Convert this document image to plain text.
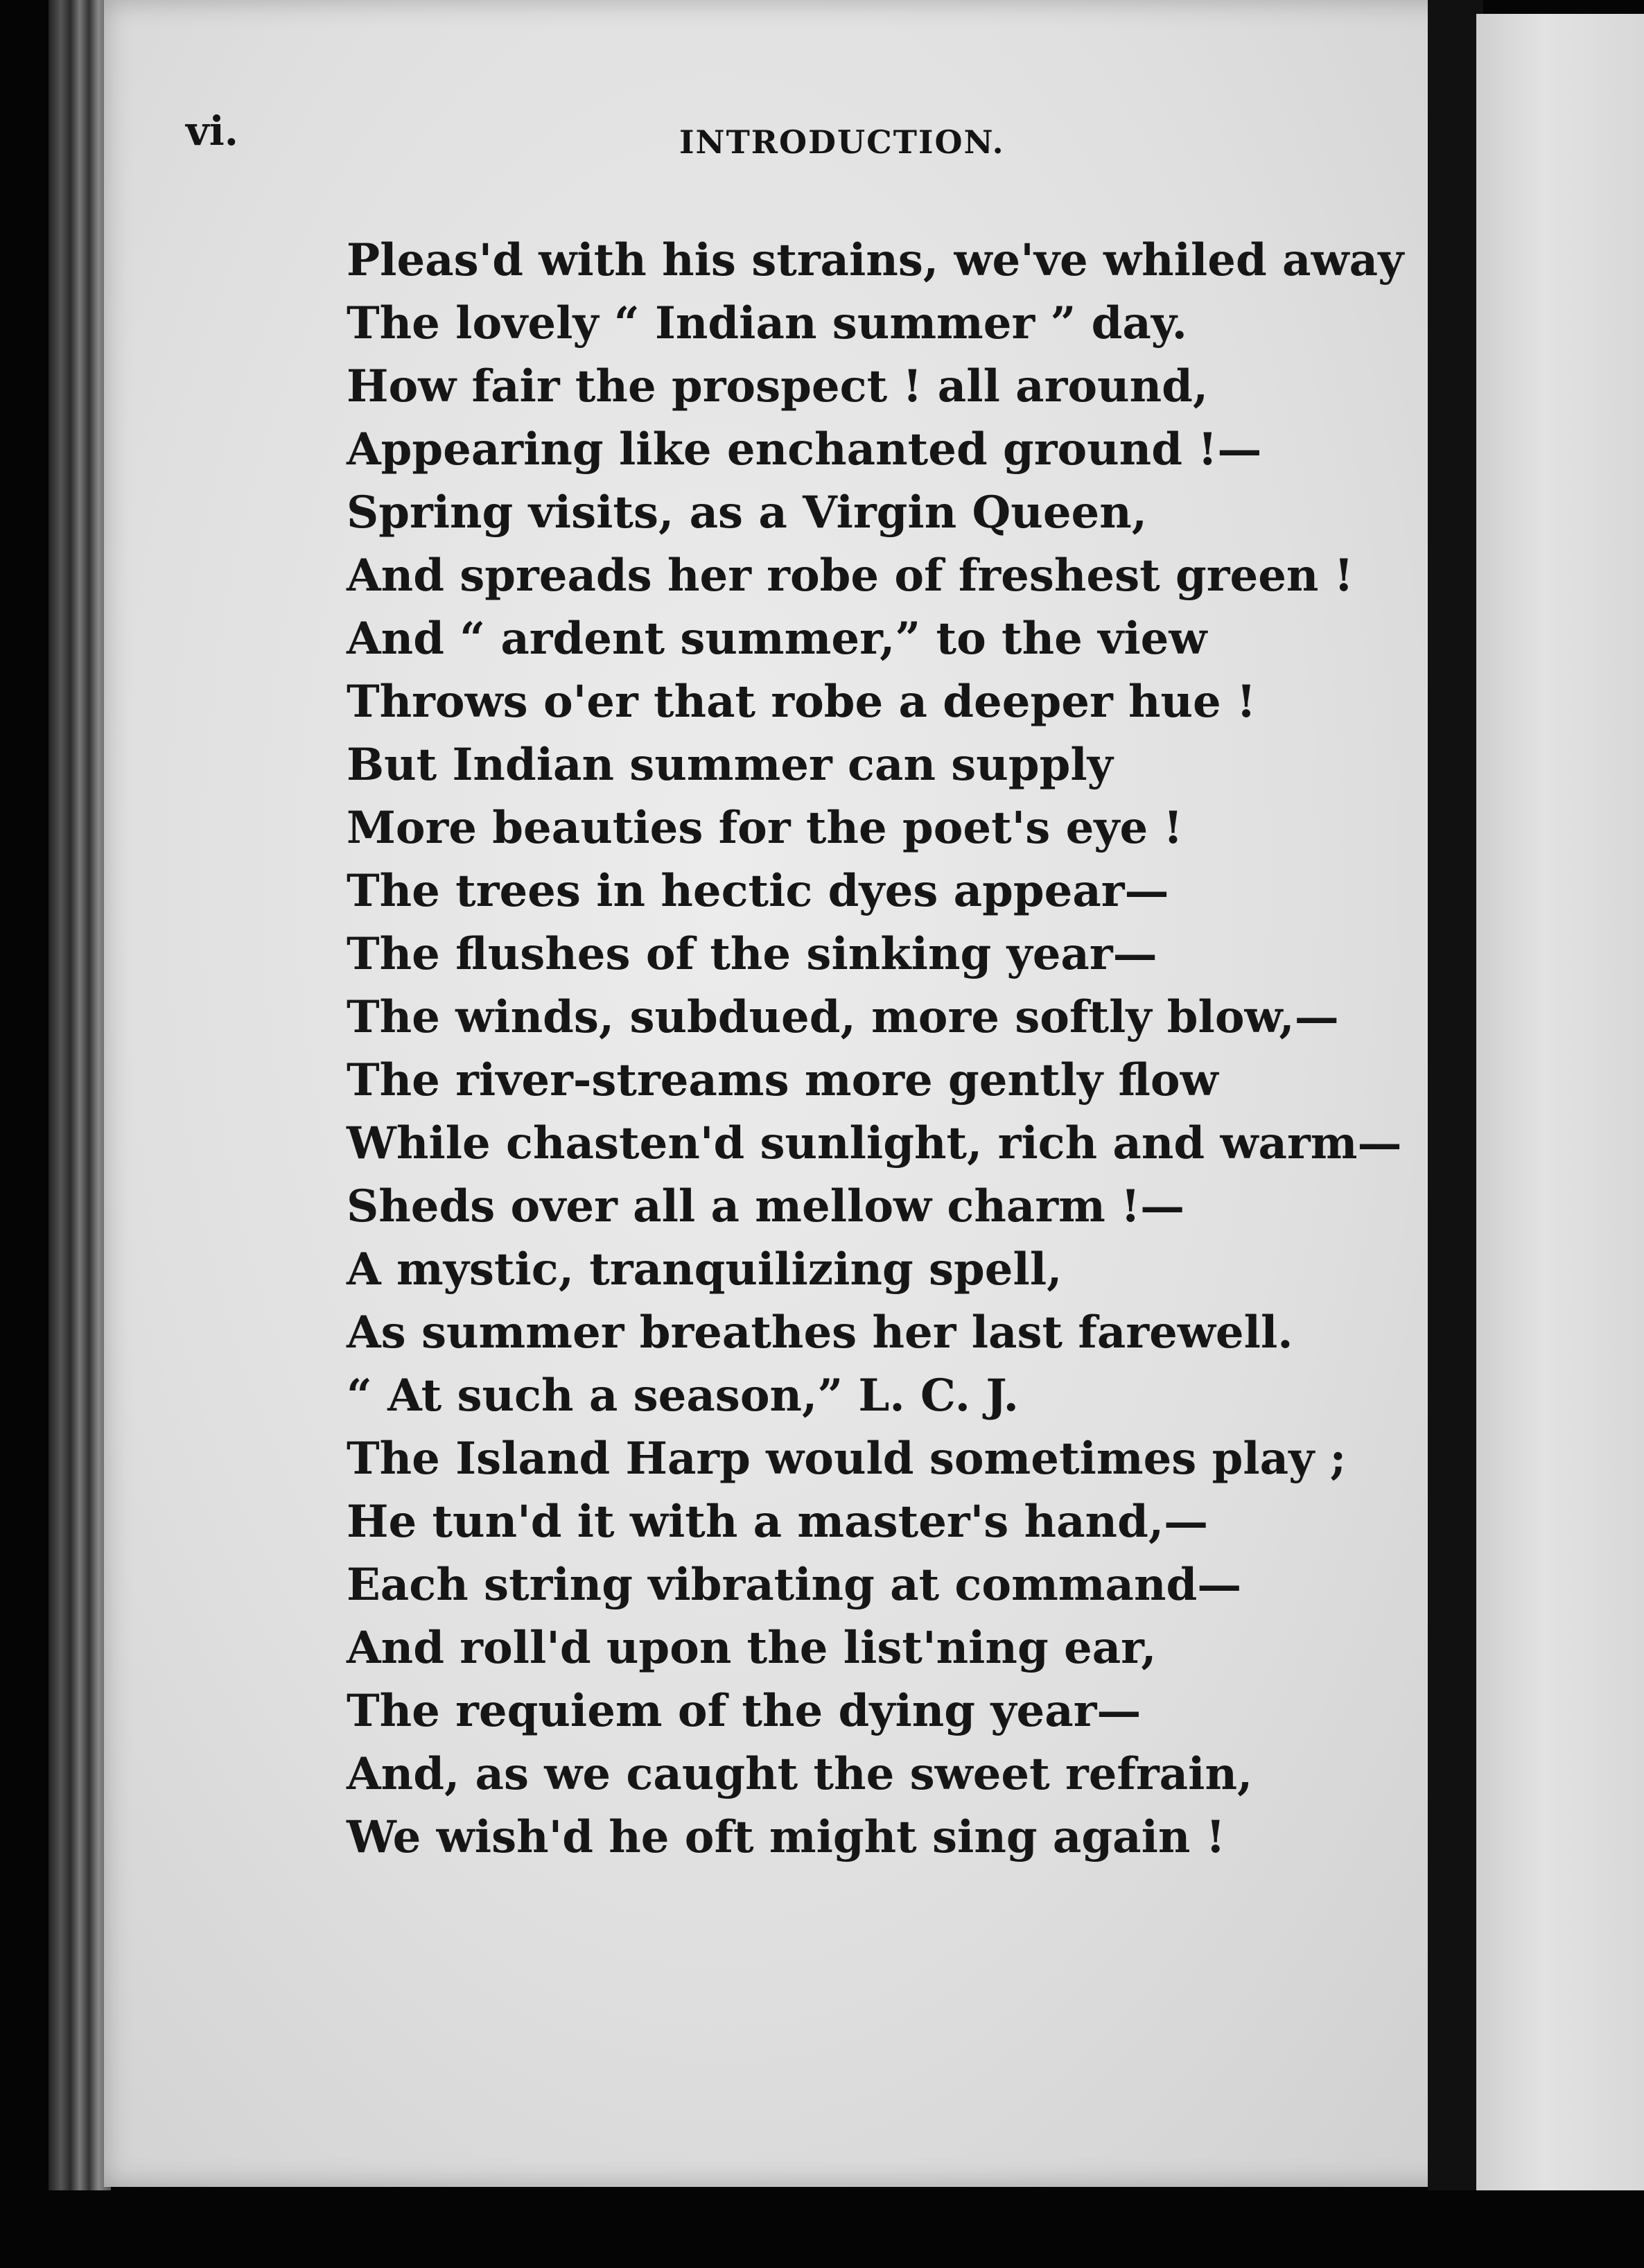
vi.	INTRODUCTION.
Pleas'd with his strains, we've whiled away
The lovely “ Indian summer ” day.
How fair the prospect ! all around,
Appearing like enchanted ground !—
Spring visits, as a Virgin Queen,
And spreads her robe of freshest green !
And “ ardent summer,” to the view
Throws o'er that robe a deeper hue !
But Indian summer can supply
More beauties for the poet's eye !
The trees in hectic dyes appear—
The flushes of the sinking year—
The winds, subdued, more softly blow,—
The river-streams more gently flow
While chasten'd sunlight, rich and warm—
Sheds over all a mellow charm !—
A mystic, tranquilizing spell,
As summer breathes her last farewell.
“ At such a season,” L. C. J.
The Island Harp would sometimes play ;
He tun'd it with a master's hand,—
Each string vibrating at command—
And roll'd upon the list'ning ear,
The requiem of the dying year—
And, as we caught the sweet refrain,
We wish'd he oft might sing again !
